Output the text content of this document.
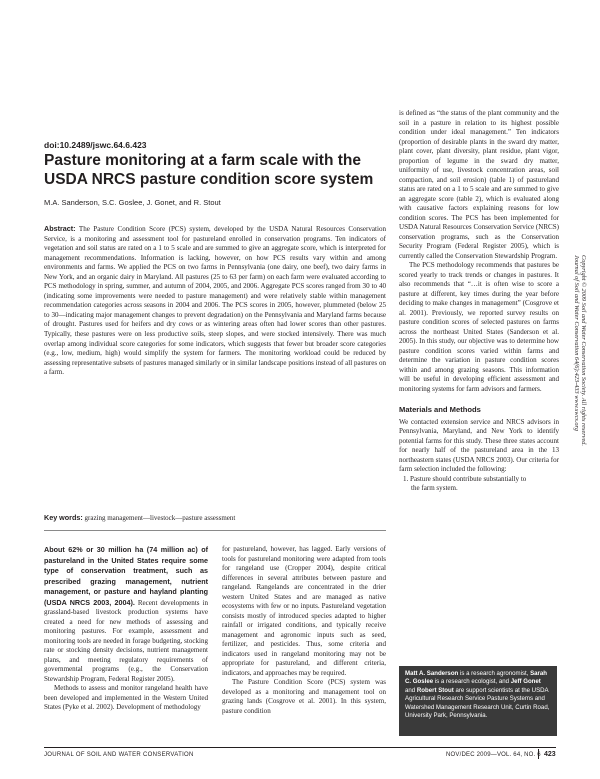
doi:10.2489/jswc.64.6.423
Pasture monitoring at a farm scale with the USDA NRCS pasture condition score system
M.A. Sanderson, S.C. Goslee, J. Gonet, and R. Stout
Abstract: The Pasture Condition Score (PCS) system, developed by the USDA Natural Resources Conservation Service, is a monitoring and assessment tool for pastureland enrolled in conservation programs. Ten indicators of vegetation and soil status are rated on a 1 to 5 scale and are summed to give an aggregate score, which is interpreted for management recommendations. Information is lacking, however, on how PCS results vary within and among environments and farms. We applied the PCS on two farms in Pennsylvania (one dairy, one beef), two dairy farms in New York, and an organic dairy in Maryland. All pastures (25 to 63 per farm) on each farm were evaluated according to PCS methodology in spring, summer, and autumn of 2004, 2005, and 2006. Aggregate PCS scores ranged from 30 to 40 (indicating some improvements were needed to pasture management) and were relatively stable within management recommendation categories across seasons in 2004 and 2006. The PCS scores in 2005, however, plummeted (below 25 to 30—indicating major management changes to prevent degradation) on the Pennsylvania and Maryland farms because of drought. Pastures used for heifers and dry cows or as wintering areas often had lower scores than other pastures. Typically, these pastures were on less productive soils, steep slopes, and were stocked intensively. There was much overlap among individual score categories for some indicators, which suggests that fewer but broader score categories (e.g., low, medium, high) would simplify the system for farmers. The monitoring workload could be reduced by assessing representative subsets of pastures managed similarly or in similar landscape positions instead of all pastures on a farm.
Key words: grazing management—livestock—pasture assessment

About 62% or 30 million ha (74 million ac) of pastureland in the United States require some type of conservation treatment, such as prescribed grazing management, nutrient management, or pasture and hayland planting (USDA NRCS 2003, 2004). Recent developments in grassland-based livestock production systems have created a need for new methods of assessing and monitoring pastures. For example, assessment and monitoring tools are needed in forage budgeting, stocking rate or stocking density decisions, nutrient management plans, and meeting regulatory requirements of governmental programs (e.g., the Conservation Stewardship Program, Federal Register 2005).

Methods to assess and monitor rangeland health have been developed and implemented in the Western United States (Pyke et al. 2002). Development of methodology

for pastureland, however, has lagged. Early versions of tools for pastureland monitoring were adapted from tools for rangeland use (Cropper 2004), despite critical differences in several attributes between pasture and rangeland. Rangelands are concentrated in the drier western United States and are managed as native ecosystems with few or no inputs. Pastureland vegetation consists mostly of introduced species adapted to higher rainfall or irrigated conditions, and typically receive management and agronomic inputs such as seed, fertilizer, and pesticides. Thus, some criteria and indicators used in rangeland monitoring may not be appropriate for pastureland, and different criteria, indicators, and approaches may be required.

The Pasture Condition Score (PCS) system was developed as a monitoring and management tool on grazing lands (Cosgrove et al. 2001). In this system, pasture condition

is defined as “the status of the plant community and the soil in a pasture in relation to its highest possible condition under ideal management.” Ten indicators (proportion of desirable plants in the sward dry matter, plant cover, plant diversity, plant residue, plant vigor, proportion of legume in the sward dry matter, uniformity of use, livestock concentration areas, soil compaction, and soil erosion) (table 1) of pastureland status are rated on a 1 to 5 scale and are summed to give an aggregate score (table 2), which is evaluated along with causative factors explaining reasons for low condition scores. The PCS has been implemented for USDA Natural Resources Conservation Service (NRCS) conservation programs, such as the Conservation Security Program (Federal Register 2005), which is currently called the Conservation Stewardship Program.

The PCS methodology recommends that pastures be scored yearly to track trends or changes in pastures. It also recommends that “…it is often wise to score a pasture at different, key times during the year before deciding to make changes in management” (Cosgrove et al. 2001). Previously, we reported survey results on pasture condition scores of selected pastures on farms across the northeast United States (Sanderson et al. 2005). In this study, our objective was to determine how pasture condition scores varied within farms and determine the variation in pasture condition scores within and among grazing seasons. This information will be useful in developing efficient assessment and monitoring systems for farm advisors and farmers.

Materials and Methods

We contacted extension service and NRCS advisors in Pennsylvania, Maryland, and New York to identify potential farms for this study. These three states account for nearly half of the pastureland area in the 13 northeastern states (USDA NRCS 2003). Our criteria for farm selection included the following:

1. Pasture should contribute substantially to
the farm system.
Matt A. Sanderson is a research agronomist, Sarah C. Goslee is a research ecologist, and Jeff Gonet and Robert Stout are support scientists at the USDA Agricultural Research Service Pasture Systems and Watershed Management Research Unit, Curtin Road, University Park, Pennsylvania.
Copyright © 2009 Soil and Water Conservation Society. All rights reserved.
Journal of Soil and Water Conservation 64(6):423-433 www.swcs.org
JOURNAL OF SOIL AND WATER CONSERVATION	NOV/DEC 2009—VOL. 64, NO. 6 423
